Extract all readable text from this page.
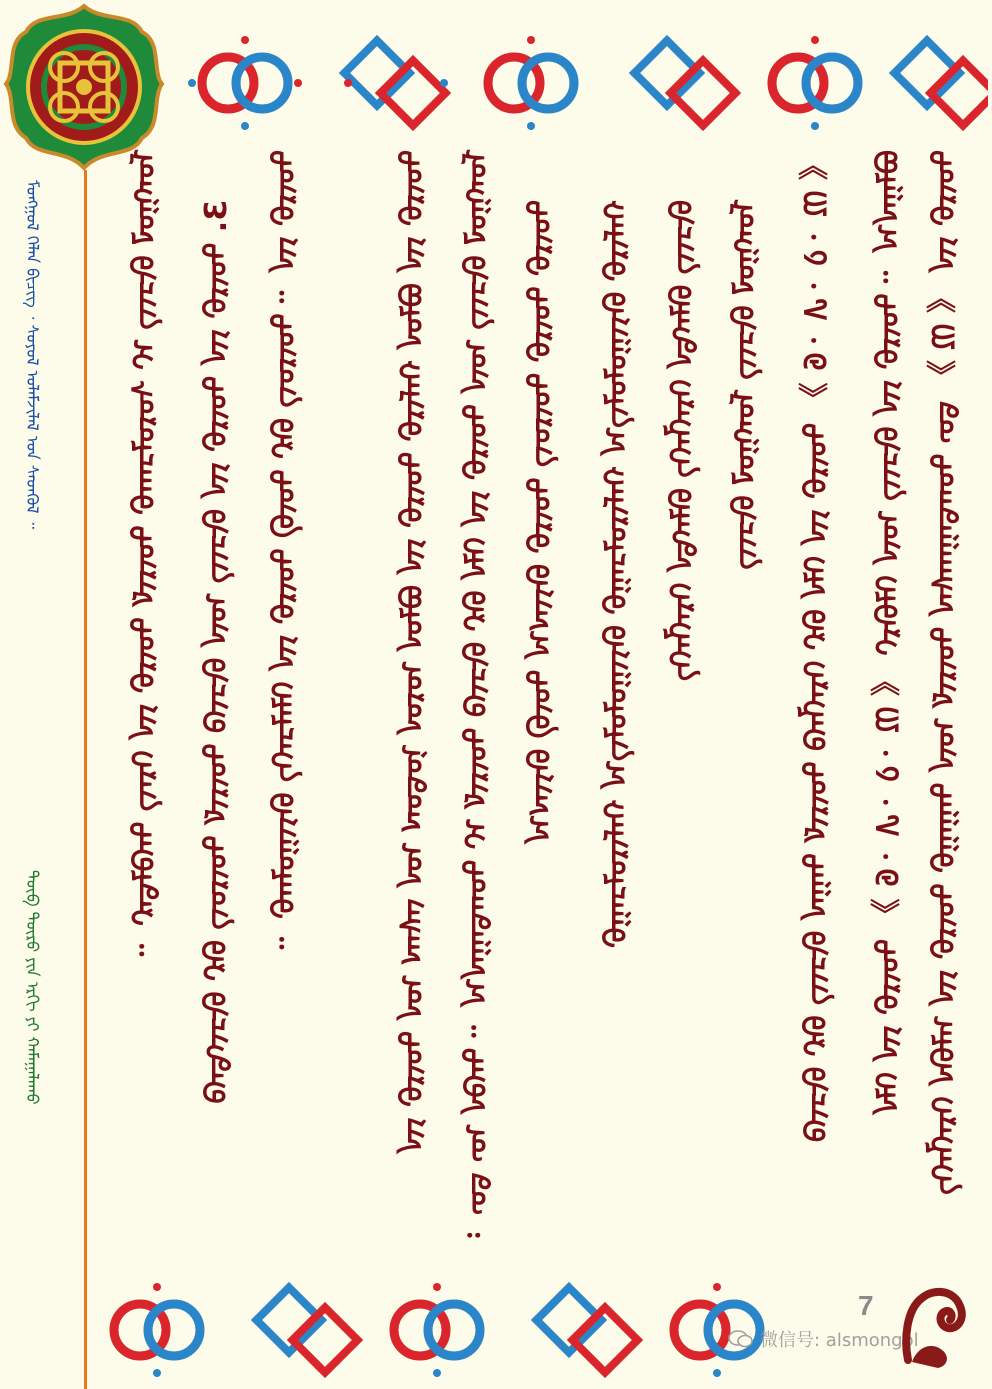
ᠮᠣᠩᠭᠣᠯ ᠬᠡᠯᠡᠨ ᠪᠢᠴᠢᠭ᠌ ᠂ ᠰᠣᠶᠣᠯ ᠤᠯᠠᠮᠵᠢᠯᠠᠯ ᠤᠨ ᠰᠡᠳᠬᠦᠯ ᠃
ᠲᠥᠪ ᠲᠥᠷᠥ ᠶᠢᠨ ᠡᠷᠬᠢ ᠶᠢ ᠬᠠᠮᠠᠭᠠᠯᠠᠬᠤ	ᠲᠥᠷᠥ ᠶᠢᠨ 《 ᠓ 》 ᠳᠦ ᠲᠣᠭᠲᠠᠭᠠᠭᠰᠠᠨ ᠳᠦᠷᠢᠮ ᠦᠨ ᠳᠠᠭᠠᠭᠤ ᠲᠥᠷᠥ ᠶᠢᠨ ᠠᠯᠪᠠᠨ ᠬᠡᠷᠡᠭᠯᠡᠭᠡ
ᠪᠣᠯᠭᠠᠨ᠎ᠠ ᠃ ᠲᠥᠷᠥ ᠶᠢᠨ ᠪᠢᠴᠢᠭ ᠦᠨ ᠬᠡᠯᠪᠡᠷᠢ 《 ᠓ ᠂ ᠔ ᠂ ᠕ ᠂ ᠖ 》 ᠲᠥᠷᠥ ᠶᠢᠨ ᠬᠡᠯᠡ
《 ᠓ ᠂ ᠔ ᠂ ᠕ ᠂ ᠖ 》 ᠲᠥᠷᠥ ᠶᠢᠨ ᠬᠡᠯᠡ ᠪᠡᠷ ᠬᠡᠷᠡᠭᠯᠡᠬᠦ ᠳᠦᠷᠢᠮ ᠳᠠᠭᠠᠨ ᠪᠢᠴᠢᠭ ᠪᠠᠷ ᠪᠢᠴᠢᠬᠦ
ᠮᠣᠩᠭᠣᠯ ᠪᠢᠴᠢᠭ ᠮᠣᠩᠭᠣᠯ ᠪᠢᠴᠢᠭ
ᠪᠢᠴᠢᠭ ᠪᠡᠯᠡᠭᠲᠡ ᠬᠡᠷᠡᠭᠯᠡᠭᠡ ᠪᠡᠯᠡᠭᠲᠡ ᠬᠡᠷᠡᠭᠯᠡᠭᠡ
ᠬᠠᠮᠢᠷᠤ ᠪᠠᠶᠢᠭᠤᠯᠤᠯᠭ᠎ᠠ ᠬᠠᠮᠢᠷᠤᠯᠴᠠᠭᠤ ᠪᠠᠶᠢᠭᠤᠯᠤᠯᠭ᠎ᠠ ᠬᠠᠮᠢᠷᠤᠯᠴᠠᠭᠤ
ᠲᠥᠷᠥ ᠲᠥᠷᠥ ᠲᠦᠷᠦᠭ ᠲᠥᠷᠥ ᠪᠠᠶᠢᠭ᠎ᠠ ᠲᠥᠪ ᠪᠠᠶᠢᠭ᠎ᠠ
ᠮᠣᠩᠭᠣᠯ ᠪᠢᠴᠢᠭ ᠦᠨ ᠲᠥᠷᠥ ᠶᠢᠨ ᠬᠡᠯᠡ ᠪᠡᠷ ᠪᠢᠴᠢᠬᠦ ᠳᠦᠷᠢᠮ ᠢ ᠲᠣᠭᠲᠠᠭᠠᠨ᠎ᠠ ᠃ ᠲᠡᠭᠦᠨ ᠦ ᠳᠦ ᠄
ᠲᠥᠷᠥ ᠶᠢᠨ ᠪᠣᠯᠣᠨ ᠬᠠᠮᠢᠷᠤ ᠲᠥᠷᠥ ᠶᠢᠨ ᠪᠣᠯᠣᠨ ᠣᠷᠣᠨ ᠨᠤᠲᠤᠭ ᠤᠨ ᠵᠠᠰᠠᠭ ᠤᠨ ᠲᠥᠷᠥ ᠶᠢᠨ
ᠲᠥᠷᠥ ᠶᠢᠨ ᠃ ᠲᠦᠷᠦᠭ ᠪᠡᠷ ᠲᠥᠪ ᠲᠥᠷᠥ ᠶᠢᠨ ᠬᠡᠯᠡᠯᠴᠡᠭᠡ ᠪᠠᠶᠢᠭᠤᠯᠬᠤ ᠃
3. ᠲᠥᠷᠥ ᠶᠢᠨ ᠲᠥᠷᠥ ᠶᠢᠨ ᠪᠢᠴᠢᠭ ᠦᠨ ᠪᠢᠴᠢᠬᠦ ᠳᠦᠷᠢᠮ ᠲᠦᠷᠦᠭ ᠪᠡᠷ ᠪᠢᠴᠢᠭᠳᠡᠬᠦ
ᠮᠣᠩᠭᠣᠯ ᠪᠢᠴᠢᠭ ᠢ ᠰᠤᠷᠤᠯᠴᠠᠬᠤ ᠳᠦᠷᠢᠮ ᠲᠥᠷᠥ ᠶᠢᠨ ᠬᠡᠷᠡᠭ ᠲᠡᠭᠦᠯᠳᠡᠷ ᠃
7
微信号: alsmongol
